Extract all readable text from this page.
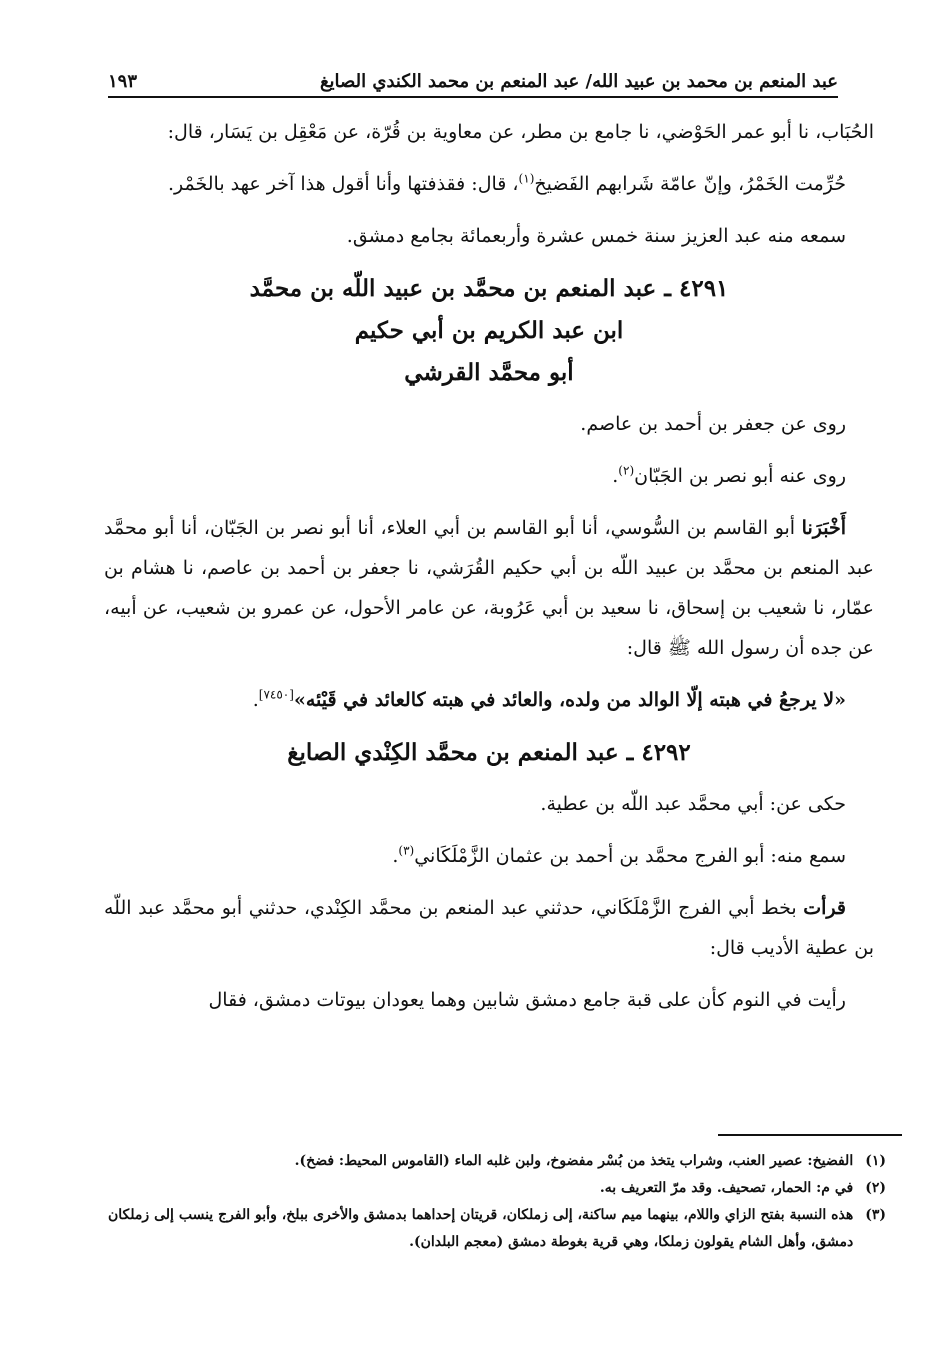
عبد المنعم بن محمد بن عبيد الله/ عبد المنعم بن محمد الكندي الصايغ
١٩٣

الحُبَاب، نا أبو عمر الحَوْضي، نا جامع بن مطر، عن معاوية بن قُرّة، عن مَعْقِل بن يَسَار، قال:

حُرِّمت الخَمْرُ، وإنّ عامّة شَرابهم الفَضيخ$^{(١)}$، قال: فقذفتها وأنا أقول هذا آخر عهد بالخَمْر.

سمعه منه عبد العزيز سنة خمس عشرة وأربعمائة بجامع دمشق.

٤٢٩١ ـ عبد المنعم بن محمَّد بن عبيد اللّه بن محمَّد
ابن عبد الكريم بن أبي حكيم
أبو محمَّد القرشي

روى عن جعفر بن أحمد بن عاصم.

روى عنه أبو نصر بن الجَبّان$^{(٢)}$.

أَخْبَرَنا أبو القاسم بن السُّوسي، أنا أبو القاسم بن أبي العلاء، أنا أبو نصر بن الجَبّان، أنا أبو محمَّد عبد المنعم بن محمَّد بن عبيد اللّه بن أبي حكيم القُرَشي، نا جعفر بن أحمد بن عاصم، نا هشام بن عمّار، نا شعيب بن إسحاق، نا سعيد بن أبي عَرُوبة، عن عامر الأحول، عن عمرو بن شعيب، عن أبيه، عن جده أن رسول الله ﷺ قال:

«لا يرجعُ في هبته إلّا الوالد من ولده، والعائد في هبته كالعائد في قَيْئه»[٧٤٥٠].

٤٢٩٢ ـ عبد المنعم بن محمَّد الكِنْدي الصايغ

حكى عن: أبي محمَّد عبد اللّه بن عطية.

سمع منه: أبو الفرج محمَّد بن أحمد بن عثمان الزَّمْلَكَاني$^{(٣)}$.

قرأت بخط أبي الفرج الزَّمْلَكَاني، حدثني عبد المنعم بن محمَّد الكِنْدي، حدثني أبو محمَّد عبد اللّه بن عطية الأديب قال:

رأيت في النوم كأن على قبة جامع دمشق شابين وهما يعودان بيوتات دمشق، فقال

(١)
الفضيخ: عصير العنب، وشراب يتخذ من بُسْر مفضوخ، ولبن غلبه الماء (القاموس المحيط: فضخ).
(٢)
في م: الحمار، تصحيف. وقد مرّ التعريف به.
(٣)
هذه النسبة بفتح الزاي واللام، بينهما ميم ساكنة، إلى زملكان، قريتان إحداهما بدمشق والأخرى ببلخ، وأبو الفرج ينسب إلى زملكان دمشق، وأهل الشام يقولون زملكا، وهي قرية بغوطة دمشق (معجم البلدان).
